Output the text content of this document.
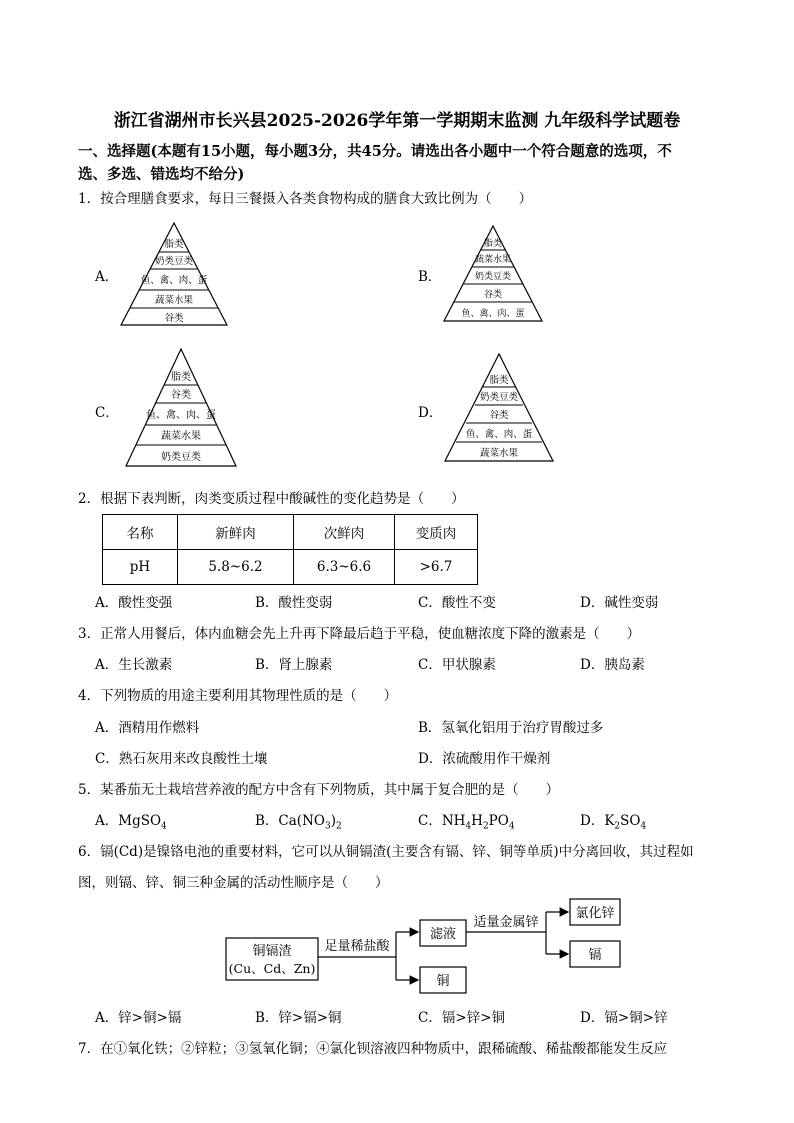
浙江省湖州市长兴县2025-2026学年第一学期期末监测 九年级科学试题卷
一、选择题(本题有15小题，每小题3分，共45分。请选出各小题中一个符合题意的选项，不
选、多选、错选均不给分)
1．按合理膳食要求，每日三餐摄入各类食物构成的膳食大致比例为（　　）
A．
脂类
奶类豆类
鱼、禽、肉、蛋
蔬菜水果
谷类
B．
脂类
蔬菜水果
奶类豆类
谷类
鱼、禽、肉、蛋
C．
脂类
谷类
鱼、禽、肉、蛋
蔬菜水果
奶类豆类
D．
脂类
奶类豆类
谷类
鱼、禽、肉、蛋
蔬菜水果
2．根据下表判断，肉类变质过程中酸碱性的变化趋势是（　　）
名称	新鲜肉	次鲜肉	变质肉
pH	5.8~6.2	6.3~6.6	>6.7
A．酸性变强	B．酸性变弱	C．酸性不变	D．碱性变弱
3．正常人用餐后，体内血糖会先上升再下降最后趋于平稳，使血糖浓度下降的激素是（　　）
A．生长激素	B．肾上腺素	C．甲状腺素	D．胰岛素
4．下列物质的用途主要利用其物理性质的是（　　）
A．酒精用作燃料	B．氢氧化铝用于治疗胃酸过多
C．熟石灰用来改良酸性土壤	D．浓硫酸用作干燥剂
5．某番茄无土栽培营养液的配方中含有下列物质，其中属于复合肥的是（　　）
A．MgSO$_4$	B．$Ca(NO_3)_2$	C．$NH_4H_2PO_4$	D．$K_2SO_4$
6．镉(Cd)是镍铬电池的重要材料，它可以从铜镉渣(主要含有镉、锌、铜等单质)中分离回收，其过程如
图，则镉、锌、铜三种金属的活动性顺序是（　　）
铜镉渣
(Cu、Cd、Zn)
足量稀盐酸
滤液
铜
适量金属锌
氯化锌
镉
A．锌>铜>镉	B．锌>镉>铜	C．镉>锌>铜	D．镉>铜>锌
7．在①氧化铁；②锌粒；③氢氧化铜；④氯化钡溶液四种物质中，跟稀硫酸、稀盐酸都能发生反应
